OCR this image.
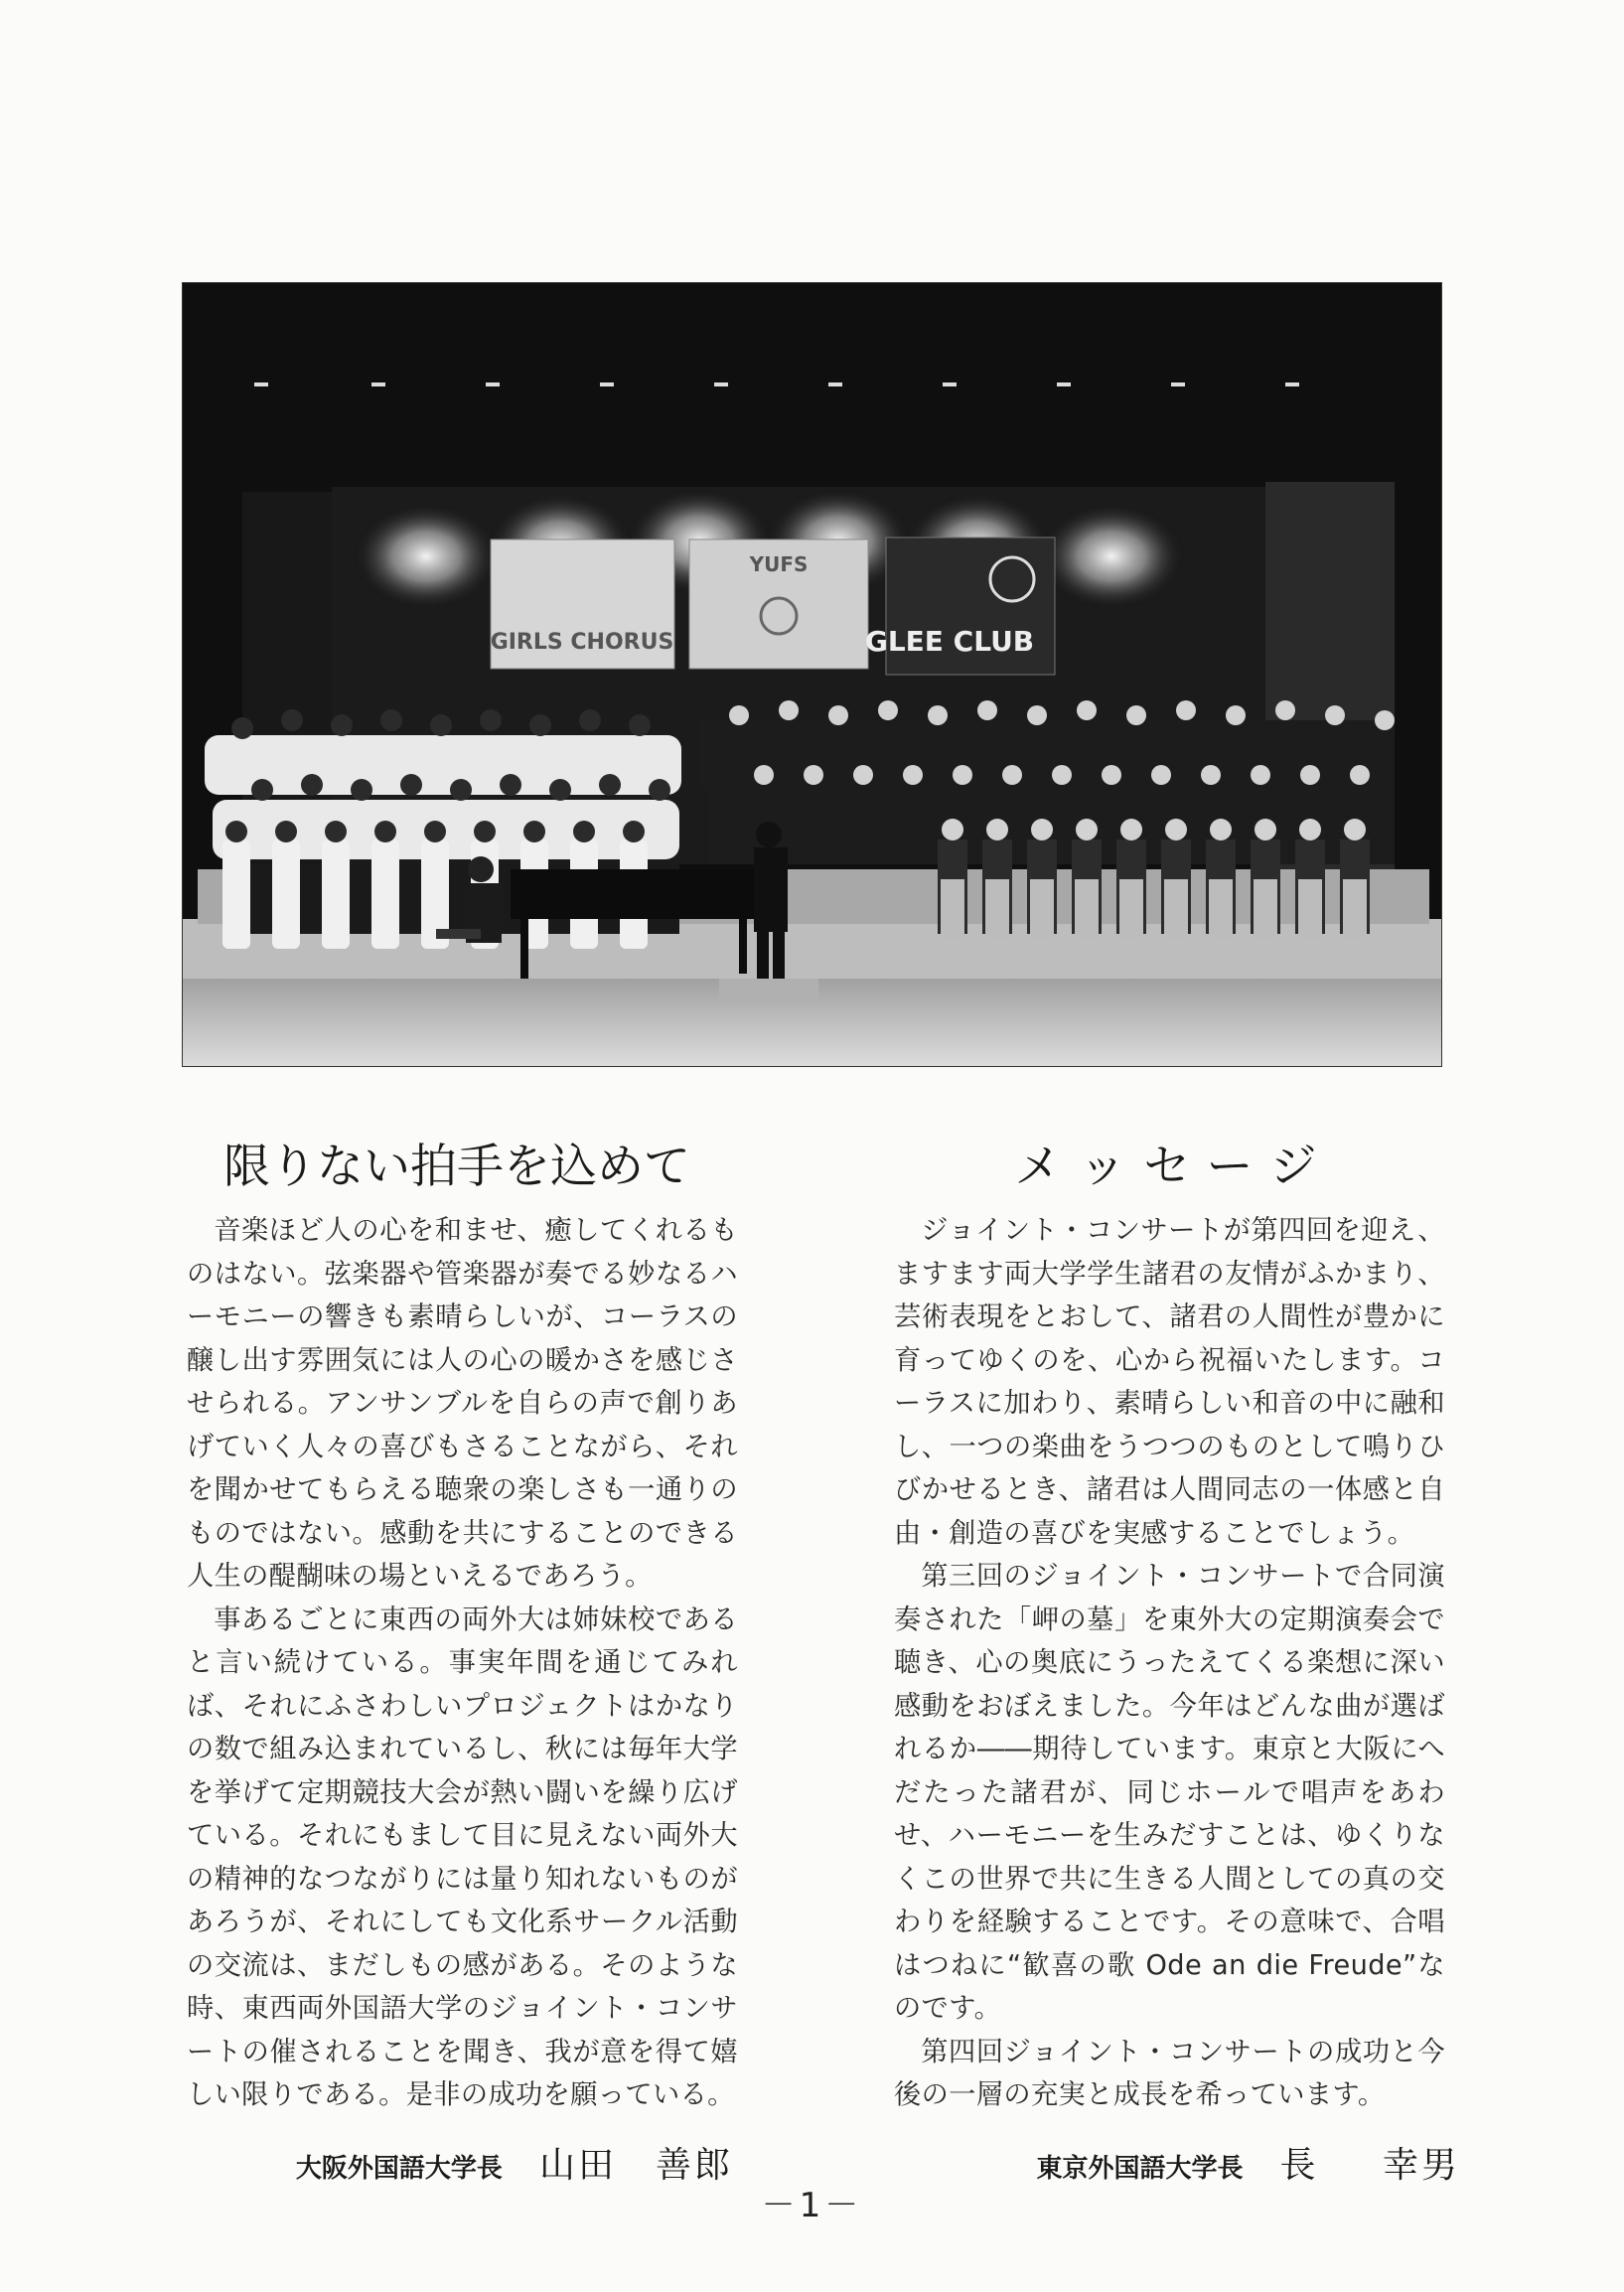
GIRLS CHORUS
YUFS
GLEE CLUB
限りない拍手を込めて

音楽ほど人の心を和ませ、癒してくれるものはない。弦楽器や管楽器が奏でる妙なるハーモニーの響きも素晴らしいが、コーラスの醸し出す雰囲気には人の心の暖かさを感じさせられる。アンサンブルを自らの声で創りあげていく人々の喜びもさることながら、それを聞かせてもらえる聴衆の楽しさも一通りのものではない。感動を共にすることのできる人生の醍醐味の場といえるであろう。

事あるごとに東西の両外大は姉妹校であると言い続けている。事実年間を通じてみれば、それにふさわしいプロジェクトはかなりの数で組み込まれているし、秋には毎年大学を挙げて定期競技大会が熱い闘いを繰り広げている。それにもまして目に見えない両外大の精神的なつながりには量り知れないものがあろうが、それにしても文化系サークル活動の交流は、まだしもの感がある。そのような時、東西両外国語大学のジョイント・コンサートの催されることを聞き、我が意を得て嬉しい限りである。是非の成功を願っている。

大阪外国語大学長 山田　善郎
メッセージ

ジョイント・コンサートが第四回を迎え、ますます両大学学生諸君の友情がふかまり、芸術表現をとおして、諸君の人間性が豊かに育ってゆくのを、心から祝福いたします。コーラスに加わり、素晴らしい和音の中に融和し、一つの楽曲をうつつのものとして鳴りひびかせるとき、諸君は人間同志の一体感と自由・創造の喜びを実感することでしょう。

第三回のジョイント・コンサートで合同演奏された「岬の墓」を東外大の定期演奏会で聴き、心の奥底にうったえてくる楽想に深い感動をおぼえました。今年はどんな曲が選ばれるか――期待しています。東京と大阪にへだたった諸君が、同じホールで唱声をあわせ、ハーモニーを生みだすことは、ゆくりなくこの世界で共に生きる人間としての真の交わりを経験することです。その意味で、合唱はつねに“歓喜の歌 Ode an die Freude”なのです。

第四回ジョイント・コンサートの成功と今後の一層の充実と成長を希っています。

東京外国語大学長 長 幸男
－1－
